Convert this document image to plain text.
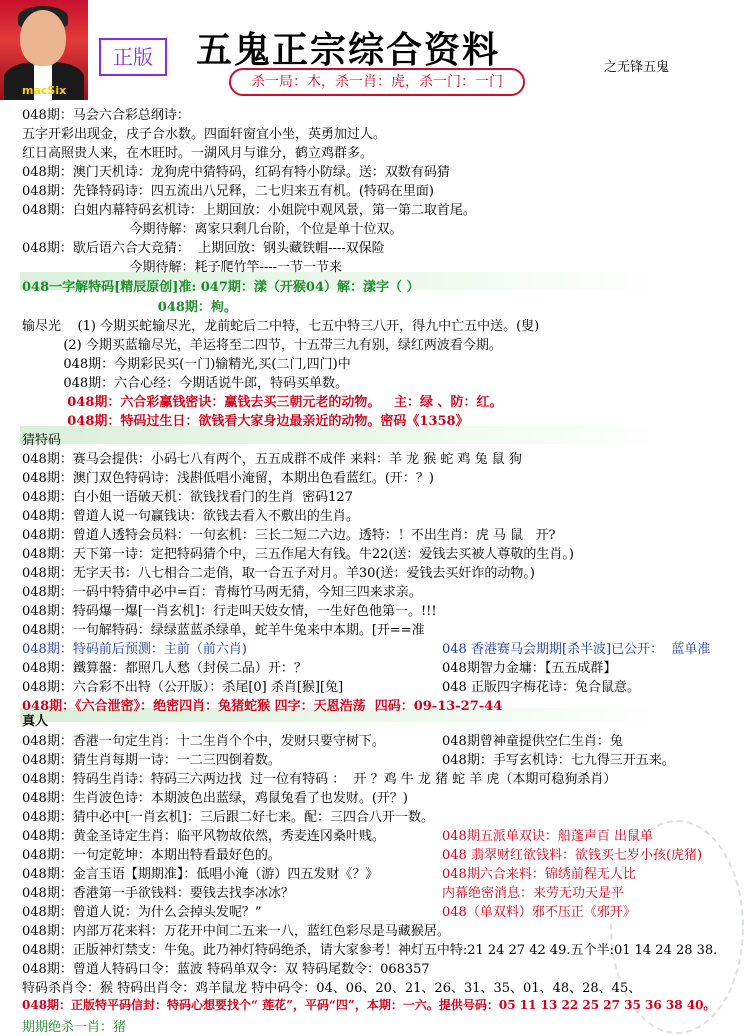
macSix
正版	五鬼正宗综合资料	之无锋五鬼
杀一局：木，杀一肖：虎，杀一门：一门
048期：马会六合彩总纲诗：
五字开彩出现金，戌子合水数。四面轩窗宜小坐，英勇加过人。
红日高照贵人来，在木旺时。一湖风月与谁分，鹤立鸡群多。
048期：澳门天机诗：龙狗虎中猜特码，红码有特小防绿。送：双数有码猜
048期：先锋特码诗：四五流出八兄释，二七归来五有机。(特码在里面)
048期：白姐内幕特码玄机诗：上期回放：小姐院中观风景，第一第二取首尾。
今期待解：离家只剩几台阶，个位是单十位双。
048期：歇后语六合大竞猜：  上期回放：钢头藏铁帽----双保险
今期待解：耗子爬竹竿----一节一节来
048一字解特码[精辰原创]准: 047期：漾（开猴04）解：漾字（ ）
048期：枸。
输尽光    (1) 今期买蛇输尽光，龙前蛇后二中特，七五中特三八开，得九中亡五中送。(叟)
(2) 今期买蓝输尽光，羊运将至二四节，十五带三九有别，绿红两波看今期。
048期：今期彩民买(一门)输精光,买(二门,四门)中
048期：六合心经：今期话说牛郎，特码买单数。
048期：六合彩赢钱密诀：赢钱去买三朝元老的动物。   主：绿 、防：红。
048期：特码过生日：欲钱看大家身边最亲近的动物。密码《1358》
猜特码
048期：赛马会提供：小码七八有两个，五五成群不成伴 来料：羊 龙 猴 蛇 鸡 兔 鼠 狗
048期：澳门双色特码诗：浅斟低唱小淹留，本期出色看蓝红。(开：？)
048期：白小姐一语破天机：欲钱找看门的生肖  密码127
048期：曾道人说一句赢钱诀：欲钱去看入不敷出的生肖。
048期：曾道人透特会员料：一句玄机：三长二短二六边。透特：！不出生肖：虎 马 鼠   开?
048期：天下第一诗：定把特码猜个中，三五作尾大有钱。牛22(送：爱钱去买被人尊敬的生肖。)
048期：无字天书：八七相合二走俏，取一合五子对月。羊30(送：爱钱去买奸诈的动物。)
048期：一码中特猜中必中=百：青梅竹马两无猜，今知三四来求亲。
048期：特码爆一爆[一肖玄机]：行走叫天妓女情，一生好色他第一。!!!
048期：一句解特码：绿绿蓝蓝杀绿单，蛇羊牛兔来中本期。[开==准
048期：特码前后预测：主前（前六肖)	048 香港赛马会期期[杀半波]已公开：  蓝单准
048期：鐵算盤：都照几人愁（封侯二品）开：？	048期智力金墉：【五五成群】
048期：六合彩不出特（公开版）：杀尾[0] 杀肖[猴][兔]	048 正版四字梅花诗：兔合鼠意。
048期：《六合泄密》：绝密四肖：兔猪蛇猴 四字：天恩浩荡  四码：09-13-27-44
真人
048期：香港一句定生肖：十二生肖个个中，发财只要守树下。	048期曾神童提供空仁生肖：兔
048期：猜生肖每期一诗：一二三四倒着数。	048期：手写玄机诗：七九得三开五来。
048期：特码生肖诗：特码三六两边找  过一位有特码 ：  开 ？鸡 牛 龙 猪 蛇 羊 虎（本期可稳狗杀肖）
048期：生肖波色诗：本期波色出蓝绿，鸡鼠兔看了也发财。(开？)
048期：猜中必中[一肖玄机]：三后跟二好七来。配：三四合八开一数。
048期：黄金圣诗定生肖：临平风物故依然，秀麦连冈桑叶贱。	048期五派单双诀：船蓬声百 出鼠单
048期：一句定乾坤：本期出特看最好色的。	048 翡翠财红欲钱料：欲钱买七岁小孩(虎猪)
048期：金言玉语【期期准】：低唱小淹（游）四五发财《？》	048期六合来料：锦绣前程无人比
048期：香港第一手欲钱料：要钱去找李冰冰？	内幕绝密消息：来劳无功天是平
048期：曾道人说：为什么会掉头发呢？”	048（单双料）邪不压正《邪开》
048期：内部万花来料：万花开中间二五来一八，蓝红色彩尽是马藏猴居。
048期：正版神灯禁支：牛兔。此乃神灯特码绝杀，请大家参考！神灯五中特:21 24 27 42 49.五个半:01 14 24 28 38.
048期：曾道人特码口令：蓝波 特码单双令：双 特码尾数令：068357
特码杀肖令：猴 特码出肖令：鸡羊鼠龙 特中码令：04、06、20、21、26、31、35、01、48、28、45、
048期：正版特平码信封：特码心想要找个“ 莲花”，平码“四”，本期：一六。提供号码：05 11 13 22 25 27 35 36 38 40。
期期绝杀一肖：猪
